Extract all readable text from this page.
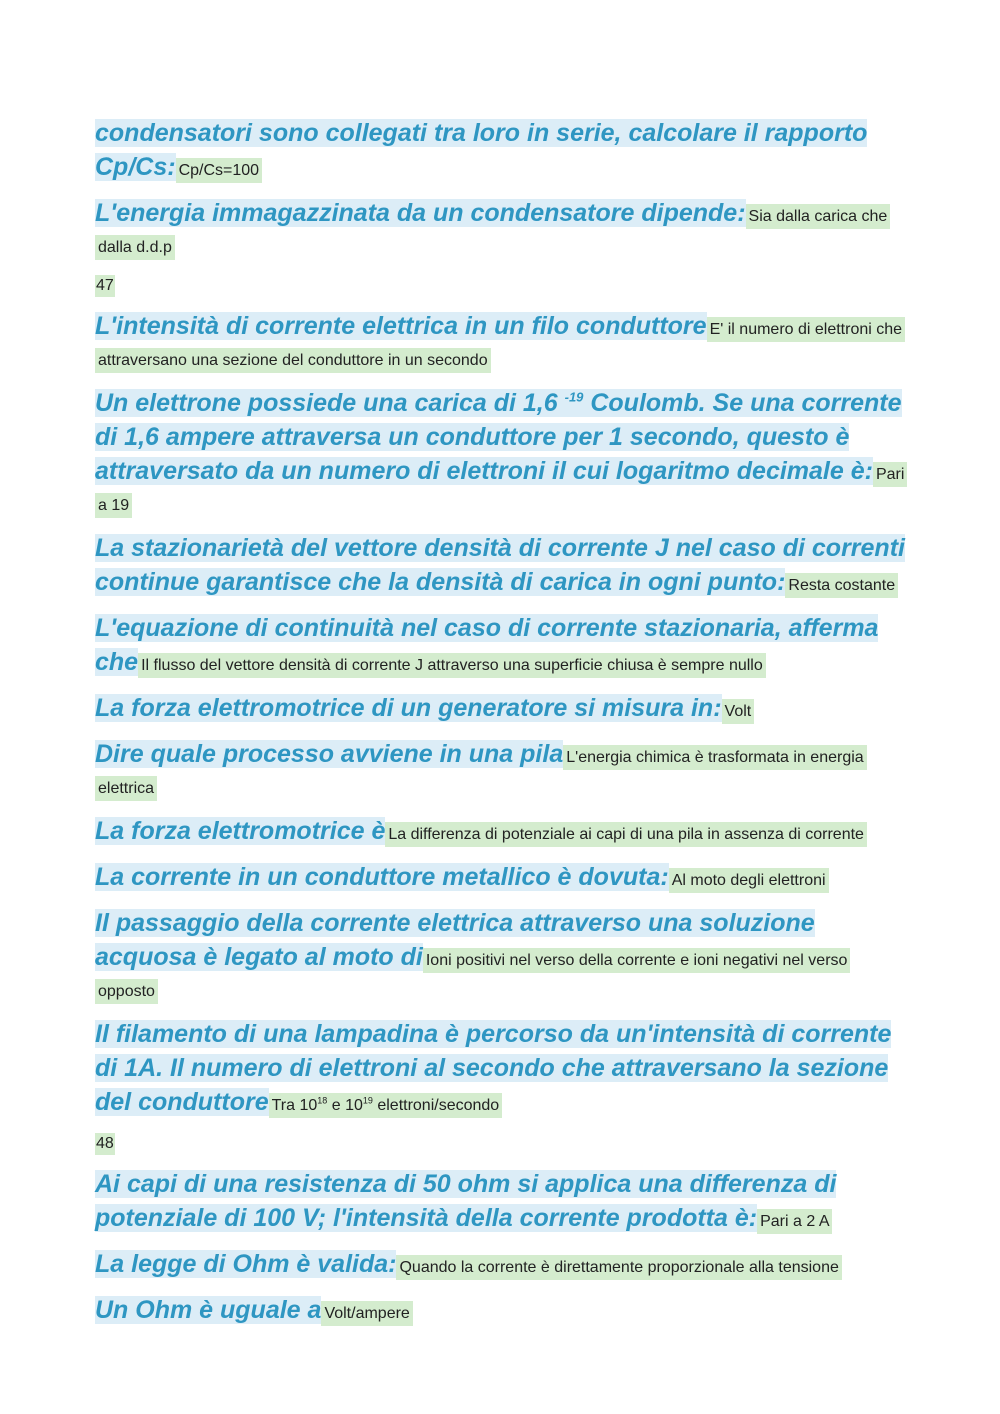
condensatori sono collegati tra loro in serie, calcolare il rapporto Cp/Cs: Cp/Cs=100

L'energia immagazzinata da un condensatore dipende: Sia dalla carica che dalla d.d.p

47

L'intensità di corrente elettrica in un filo conduttore E' il numero di elettroni che attraversano una sezione del conduttore in un secondo

Un elettrone possiede una carica di 1,6 $^{-19}$ Coulomb. Se una corrente di 1,6 ampere attraversa un conduttore per 1 secondo, questo è attraversato da un numero di elettroni il cui logaritmo decimale è: Pari a 19

La stazionarietà del vettore densità di corrente J nel caso di correnti continue garantisce che la densità di carica in ogni punto: Resta costante

L'equazione di continuità nel caso di corrente stazionaria, afferma che Il flusso del vettore densità di corrente J attraverso una superficie chiusa è sempre nullo

La forza elettromotrice di un generatore si misura in: Volt

Dire quale processo avviene in una pila L'energia chimica è trasformata in energia elettrica

La forza elettromotrice è La differenza di potenziale ai capi di una pila in assenza di corrente

La corrente in un conduttore metallico è dovuta: Al moto degli elettroni

Il passaggio della corrente elettrica attraverso una soluzione acquosa è legato al moto di Ioni positivi nel verso della corrente e ioni negativi nel verso opposto

Il filamento di una lampadina è percorso da un'intensità di corrente di 1A. Il numero di elettroni al secondo che attraversano la sezione del conduttore Tra $10^{18}$ e $10^{19}$ elettroni/secondo

48

Ai capi di una resistenza di 50 ohm si applica una differenza di potenziale di 100 V; l'intensità della corrente prodotta è: Pari a 2 A

La legge di Ohm è valida: Quando la corrente è direttamente proporzionale alla tensione

Un Ohm è uguale a Volt/ampere
